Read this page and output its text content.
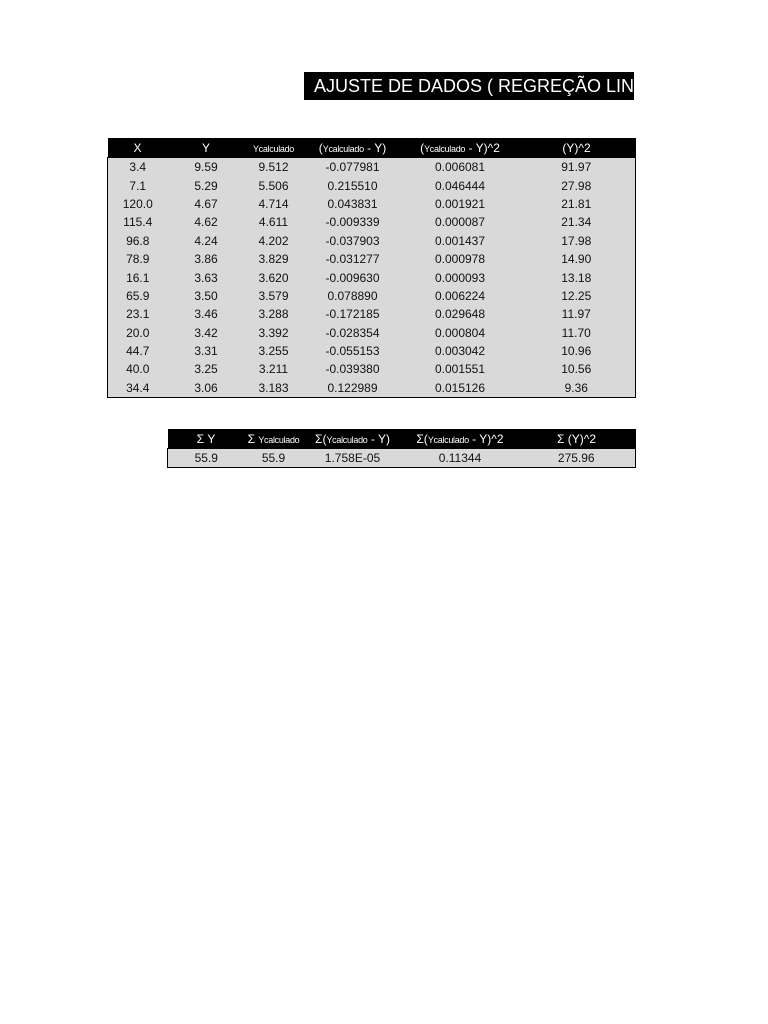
AJUSTE DE DADOS ( REGREÇÃO LINEAR)
X	Y	Ycalculado	(Ycalculado - Y)	(Ycalculado - Y)^2	(Y)^2
3.4	9.59	9.512	-0.077981	0.006081	91.97
7.1	5.29	5.506	0.215510	0.046444	27.98
120.0	4.67	4.714	0.043831	0.001921	21.81
115.4	4.62	4.611	-0.009339	0.000087	21.34
96.8	4.24	4.202	-0.037903	0.001437	17.98
78.9	3.86	3.829	-0.031277	0.000978	14.90
16.1	3.63	3.620	-0.009630	0.000093	13.18
65.9	3.50	3.579	0.078890	0.006224	12.25
23.1	3.46	3.288	-0.172185	0.029648	11.97
20.0	3.42	3.392	-0.028354	0.000804	11.70
44.7	3.31	3.255	-0.055153	0.003042	10.96
40.0	3.25	3.211	-0.039380	0.001551	10.56
34.4	3.06	3.183	0.122989	0.015126	9.36
Σ Y	Σ Ycalculado	Σ(Ycalculado - Y)	Σ(Ycalculado - Y)^2	Σ (Y)^2
55.9	55.9	1.758E-05	0.11344	275.96
